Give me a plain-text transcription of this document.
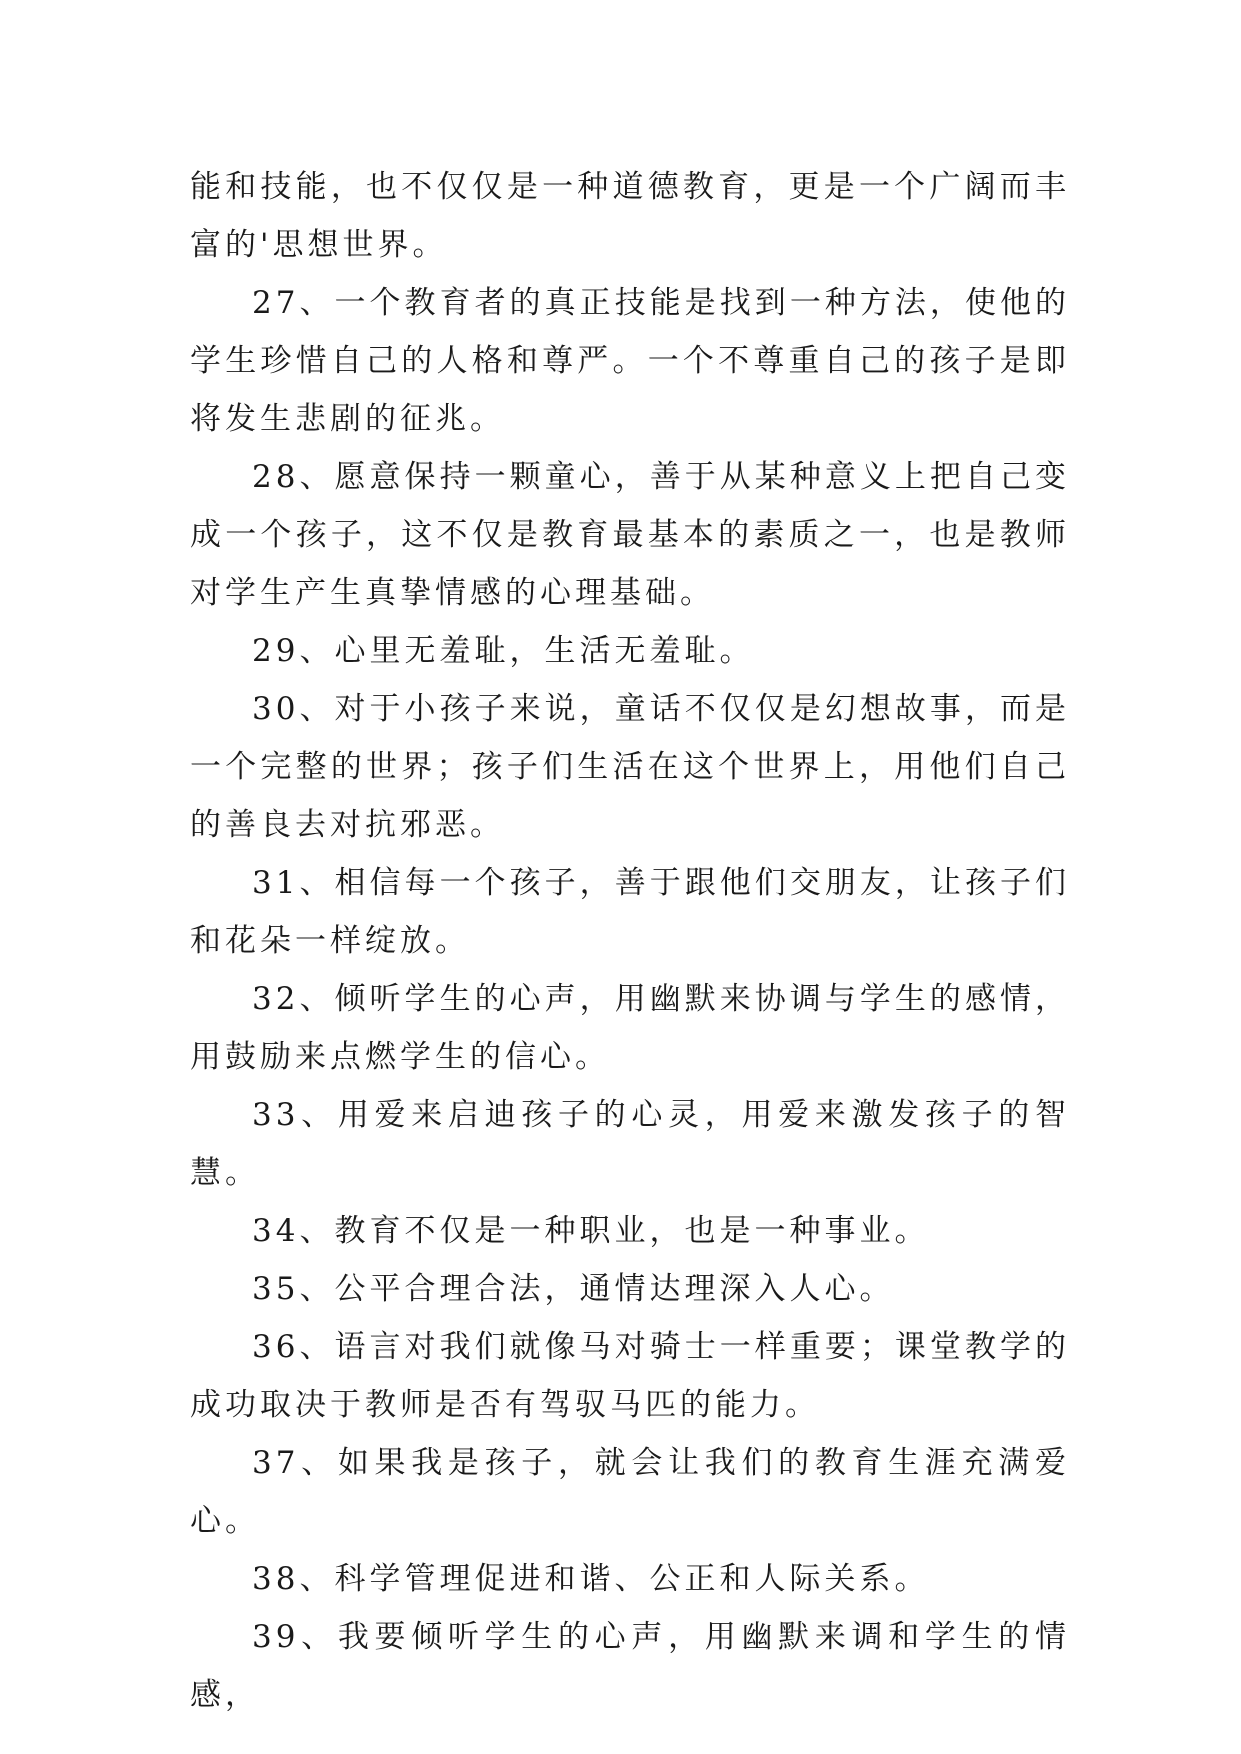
能和技能，也不仅仅是一种道德教育，更是一个广阔而丰富的'思想世界。

27、一个教育者的真正技能是找到一种方法，使他的学生珍惜自己的人格和尊严。一个不尊重自己的孩子是即将发生悲剧的征兆。

28、愿意保持一颗童心，善于从某种意义上把自己变成一个孩子，这不仅是教育最基本的素质之一，也是教师对学生产生真挚情感的心理基础。

29、心里无羞耻，生活无羞耻。

30、对于小孩子来说，童话不仅仅是幻想故事，而是一个完整的世界；孩子们生活在这个世界上，用他们自己的善良去对抗邪恶。

31、相信每一个孩子，善于跟他们交朋友，让孩子们和花朵一样绽放。

32、倾听学生的心声，用幽默来协调与学生的感情，用鼓励来点燃学生的信心。

33、用爱来启迪孩子的心灵，用爱来激发孩子的智慧。

34、教育不仅是一种职业，也是一种事业。

35、公平合理合法，通情达理深入人心。

36、语言对我们就像马对骑士一样重要；课堂教学的成功取决于教师是否有驾驭马匹的能力。

37、如果我是孩子，就会让我们的教育生涯充满爱心。

38、科学管理促进和谐、公正和人际关系。

39、我要倾听学生的心声，用幽默来调和学生的情感，
